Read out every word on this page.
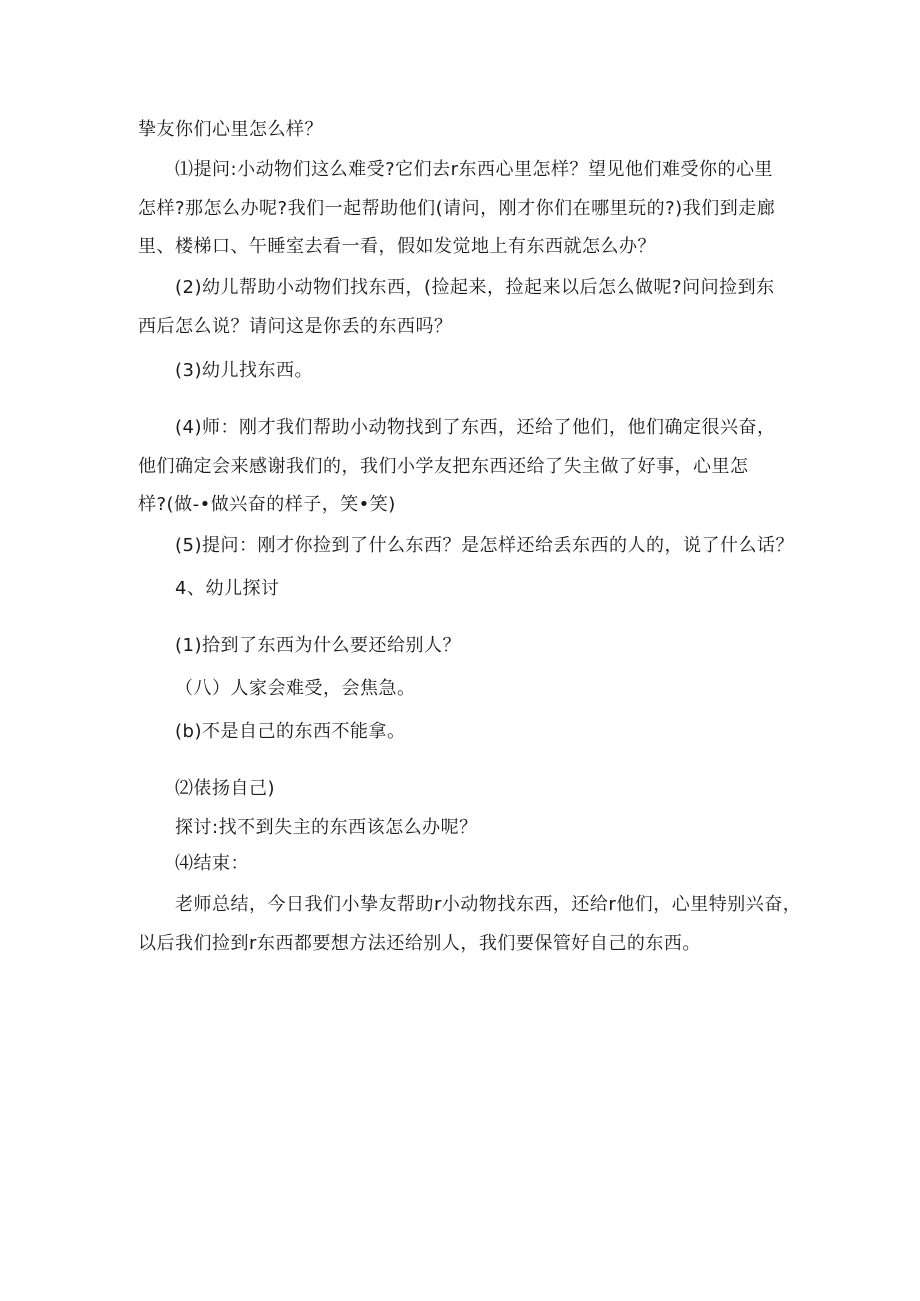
挚友你们心里怎么样？
⑴提问:小动物们这么难受?它们去r东西心里怎样？望见他们难受你的心里
怎样?那怎么办呢?我们一起帮助他们(请问，刚才你们在哪里玩的?)我们到走廊
里、楼梯口、午睡室去看一看，假如发觉地上有东西就怎么办？
(2)幼儿帮助小动物们找东西，(捡起来，捡起来以后怎么做呢?问问捡到东
西后怎么说？请问这是你丢的东西吗？
(3)幼儿找东西。
(4)师：刚才我们帮助小动物找到了东西，还给了他们，他们确定很兴奋，
他们确定会来感谢我们的，我们小学友把东西还给了失主做了好事，心里怎
样?(做-•做兴奋的样子，笑•笑)
(5)提问：刚才你捡到了什么东西？是怎样还给丢东西的人的，说了什么话？
4、幼儿探讨
(1)拾到了东西为什么要还给别人？
（八）人家会难受，会焦急。
(b)不是自己的东西不能拿。
⑵俵扬自己)
探讨:找不到失主的东西该怎么办呢？
⑷结束：
老师总结，今日我们小挚友帮助r小动物找东西，还给r他们，心里特别兴奋，
以后我们捡到r东西都要想方法还给别人，我们要保管好自己的东西。
